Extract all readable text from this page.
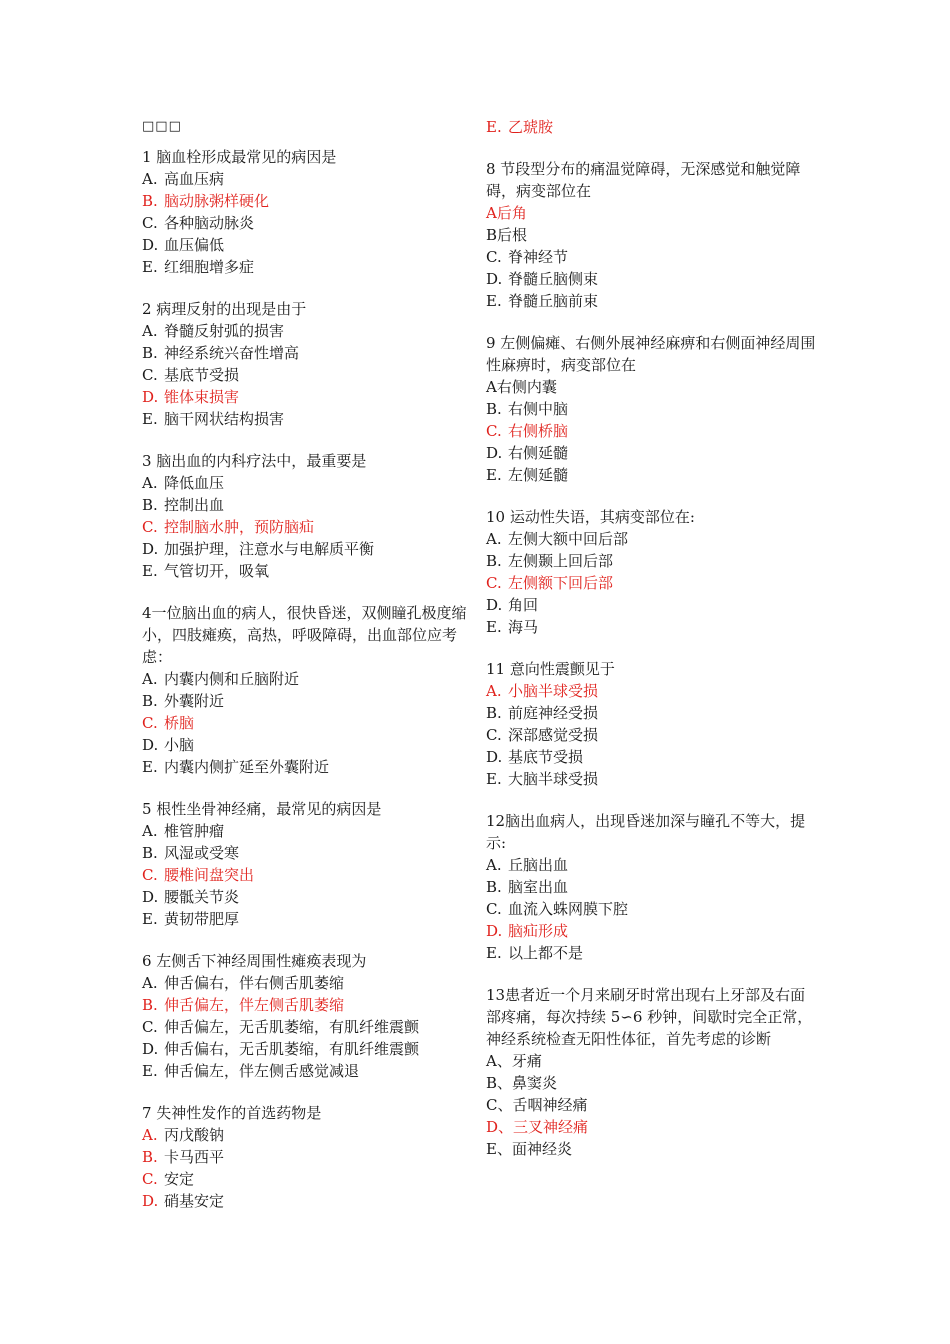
□□□

1 脑血栓形成最常见的病因是

A. 高血压病

B. 脑动脉粥样硬化

C. 各种脑动脉炎

D. 血压偏低

E. 红细胞增多症

2 病理反射的出现是由于

A. 脊髓反射弧的损害

B. 神经系统兴奋性增高

C. 基底节受损

D. 锥体束损害

E. 脑干网状结构损害

3 脑出血的内科疗法中，最重要是

A. 降低血压

B. 控制出血

C. 控制脑水肿，预防脑疝

D. 加强护理，注意水与电解质平衡

E. 气管切开，吸氧

4一位脑出血的病人，很快昏迷，双侧瞳孔极度缩小，四肢瘫痪，高热，呼吸障碍，出血部位应考虑：

A. 内囊内侧和丘脑附近

B. 外囊附近

C. 桥脑

D. 小脑

E. 内囊内侧扩延至外囊附近

5 根性坐骨神经痛，最常见的病因是

A. 椎管肿瘤

B. 风湿或受寒

C. 腰椎间盘突出

D. 腰骶关节炎

E. 黄韧带肥厚

6 左侧舌下神经周围性瘫痪表现为

A. 伸舌偏右，伴右侧舌肌萎缩

B. 伸舌偏左，伴左侧舌肌萎缩

C. 伸舌偏左，无舌肌萎缩，有肌纤维震颤

D. 伸舌偏右，无舌肌萎缩，有肌纤维震颤

E. 伸舌偏左，伴左侧舌感觉减退

7 失神性发作的首选药物是

A. 丙戊酸钠

B. 卡马西平

C. 安定

D. 硝基安定

E. 乙琥胺

8 节段型分布的痛温觉障碍，无深感觉和触觉障碍，病变部位在

A后角

B后根

C. 脊神经节

D. 脊髓丘脑侧束

E. 脊髓丘脑前束

9 左侧偏瘫、右侧外展神经麻痹和右侧面神经周围性麻痹时，病变部位在

A右侧内囊

B. 右侧中脑

C. 右侧桥脑

D. 右侧延髓

E. 左侧延髓

10 运动性失语，其病变部位在:

A. 左侧大额中回后部

B. 左侧颞上回后部

C. 左侧额下回后部

D. 角回

E. 海马

11 意向性震颤见于

A. 小脑半球受损

B. 前庭神经受损

C. 深部感觉受损

D. 基底节受损

E. 大脑半球受损

12脑出血病人，出现昏迷加深与瞳孔不等大，提示:

A. 丘脑出血

B. 脑室出血

C. 血流入蛛网膜下腔

D. 脑疝形成

E. 以上都不是

13患者近一个月来刷牙时常出现右上牙部及右面部疼痛，每次持续 5∽6 秒钟，间歇时完全正常，神经系统检查无阳性体征，首先考虑的诊断

A、牙痛

B、鼻窦炎

C、舌咽神经痛

D、三叉神经痛

E、面神经炎
